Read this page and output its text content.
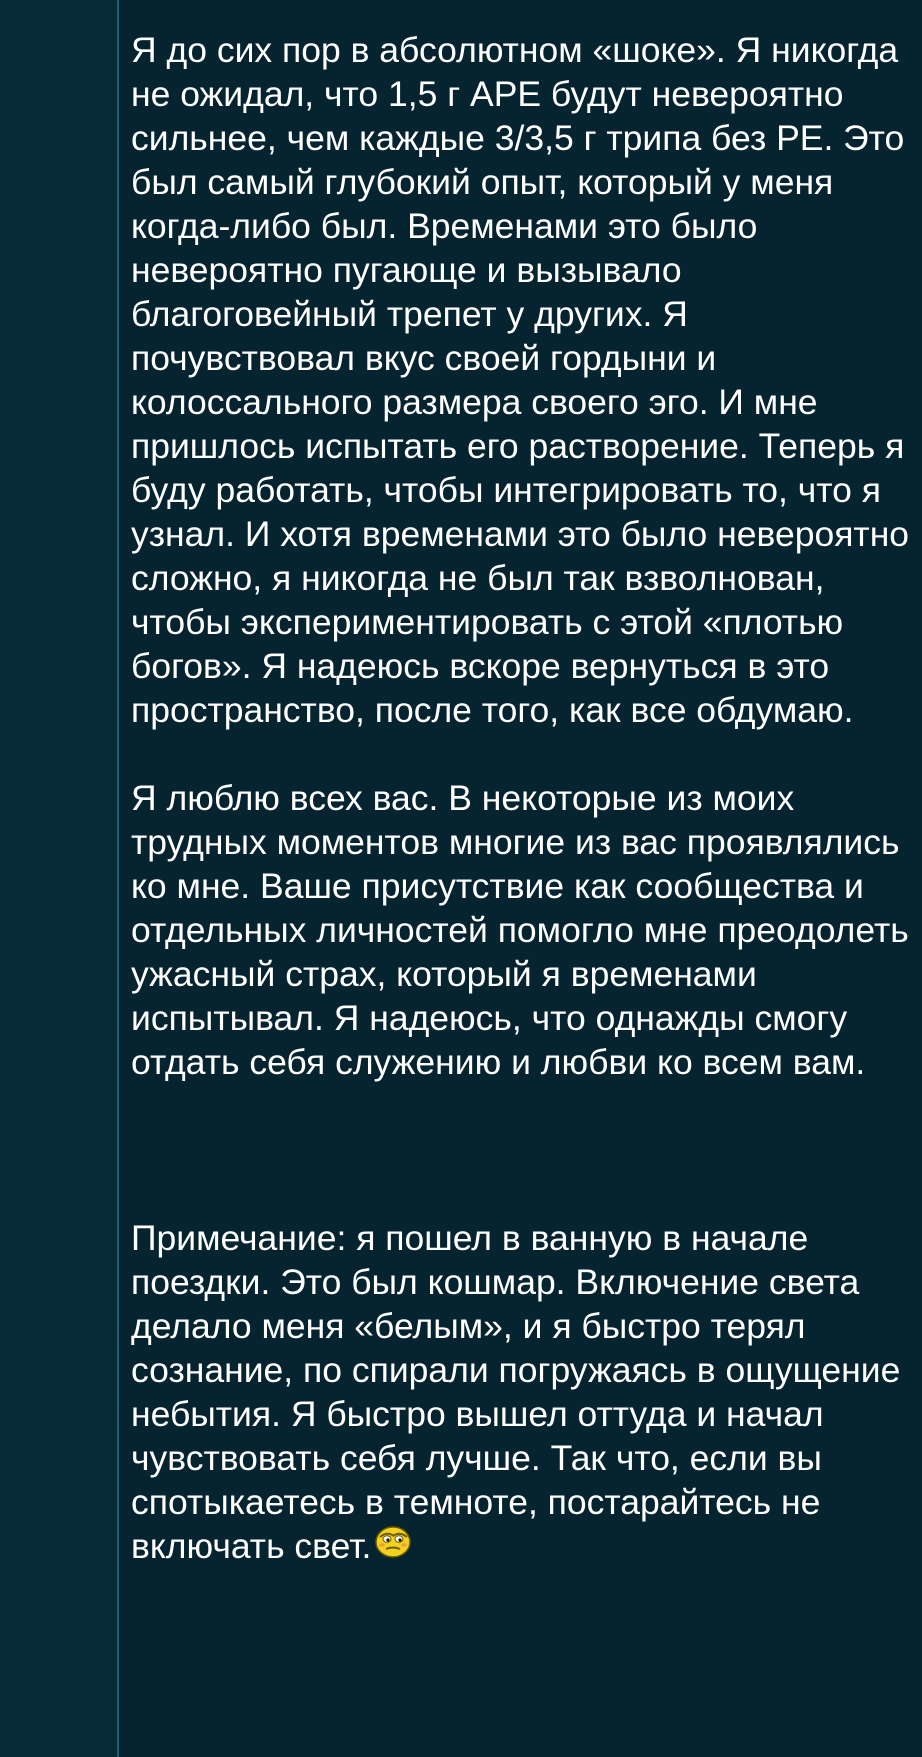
Я до сих пор в абсолютном «шоке». Я никогда не ожидал, что 1,5 г APE будут невероятно сильнее, чем каждые 3/3,5 г трипа без PE. Это был самый глубокий опыт, который у меня когда-либо был. Временами это было невероятно пугающе и вызывало благоговейный трепет у других. Я почувствовал вкус своей гордыни и колоссального размера своего эго. И мне пришлось испытать его растворение. Теперь я буду работать, чтобы интегрировать то, что я узнал. И хотя временами это было невероятно сложно, я никогда не был так взволнован, чтобы экспериментировать с этой «плотью богов». Я надеюсь вскоре вернуться в это пространство, после того, как все обдумаю.

Я люблю всех вас. В некоторые из моих трудных моментов многие из вас проявлялись ко мне. Ваше присутствие как сообщества и отдельных личностей помогло мне преодолеть ужасный страх, который я временами испытывал. Я надеюсь, что однажды смогу отдать себя служению и любви ко всем вам.

Примечание: я пошел в ванную в начале поездки. Это был кошмар. Включение света делало меня «белым», и я быстро терял сознание, по спирали погружаясь в ощущение небытия. Я быстро вышел оттуда и начал чувствовать себя лучше. Так что, если вы спотыкаетесь в темноте, постарайтесь не включать свет.
